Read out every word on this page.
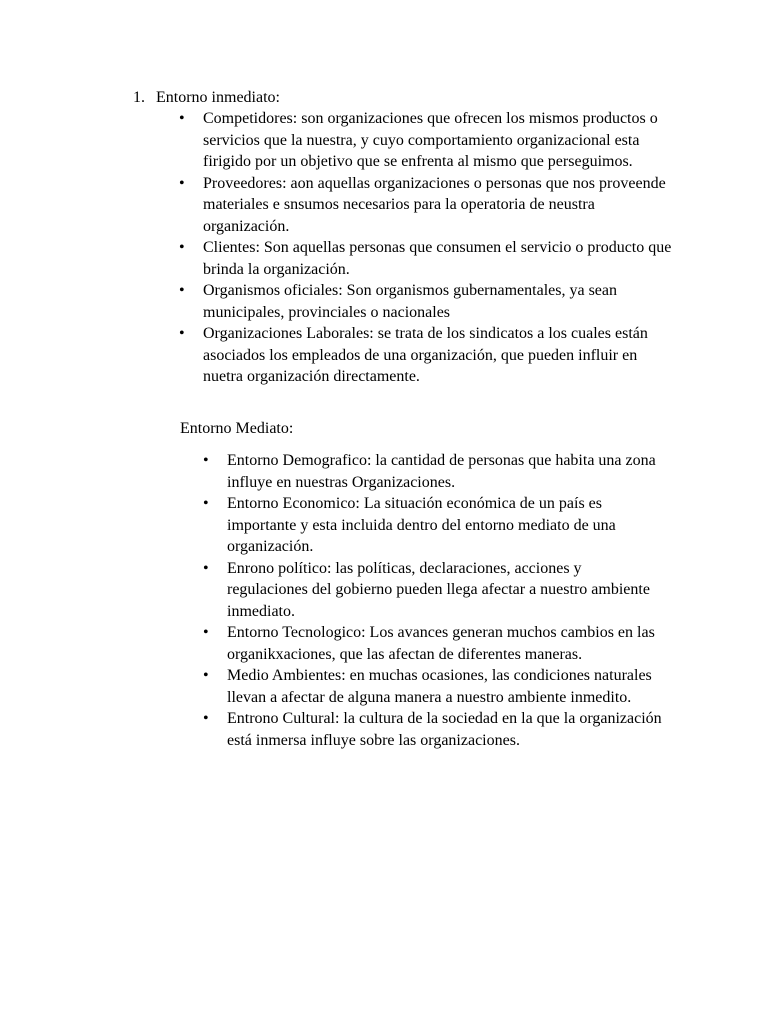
1. Entorno inmediato:
•	Competidores: son organizaciones que ofrecen los mismos productos o servicios que la nuestra, y cuyo comportamiento organizacional esta firigido por un objetivo que se enfrenta al mismo que perseguimos.
•	Proveedores: aon aquellas organizaciones o personas que nos proveende materiales e snsumos necesarios para la operatoria de neustra organización.
•	Clientes: Son aquellas personas que consumen el servicio o producto que brinda la organización.
•	Organismos oficiales: Son organismos gubernamentales, ya sean municipales, provinciales o nacionales
•	Organizaciones Laborales: se trata de los sindicatos a los cuales están asociados los empleados de una organización, que pueden influir en nuetra organización directamente.
Entorno Mediato:
•	Entorno Demografico: la cantidad de personas que habita una zona influye en nuestras Organizaciones.
•	Entorno Economico: La situación económica de un país es importante y esta incluida dentro del entorno mediato de una organización.
•	Enrono político: las políticas, declaraciones, acciones y regulaciones del gobierno pueden llega afectar a nuestro ambiente inmediato.
•	Entorno Tecnologico: Los avances generan muchos cambios en las organikxaciones, que las afectan de diferentes maneras.
•	Medio Ambientes: en muchas ocasiones, las condiciones naturales llevan a afectar de alguna manera a nuestro ambiente inmedito.
•	Entrono Cultural: la cultura de la sociedad en la que la organización está inmersa influye sobre las organizaciones.
